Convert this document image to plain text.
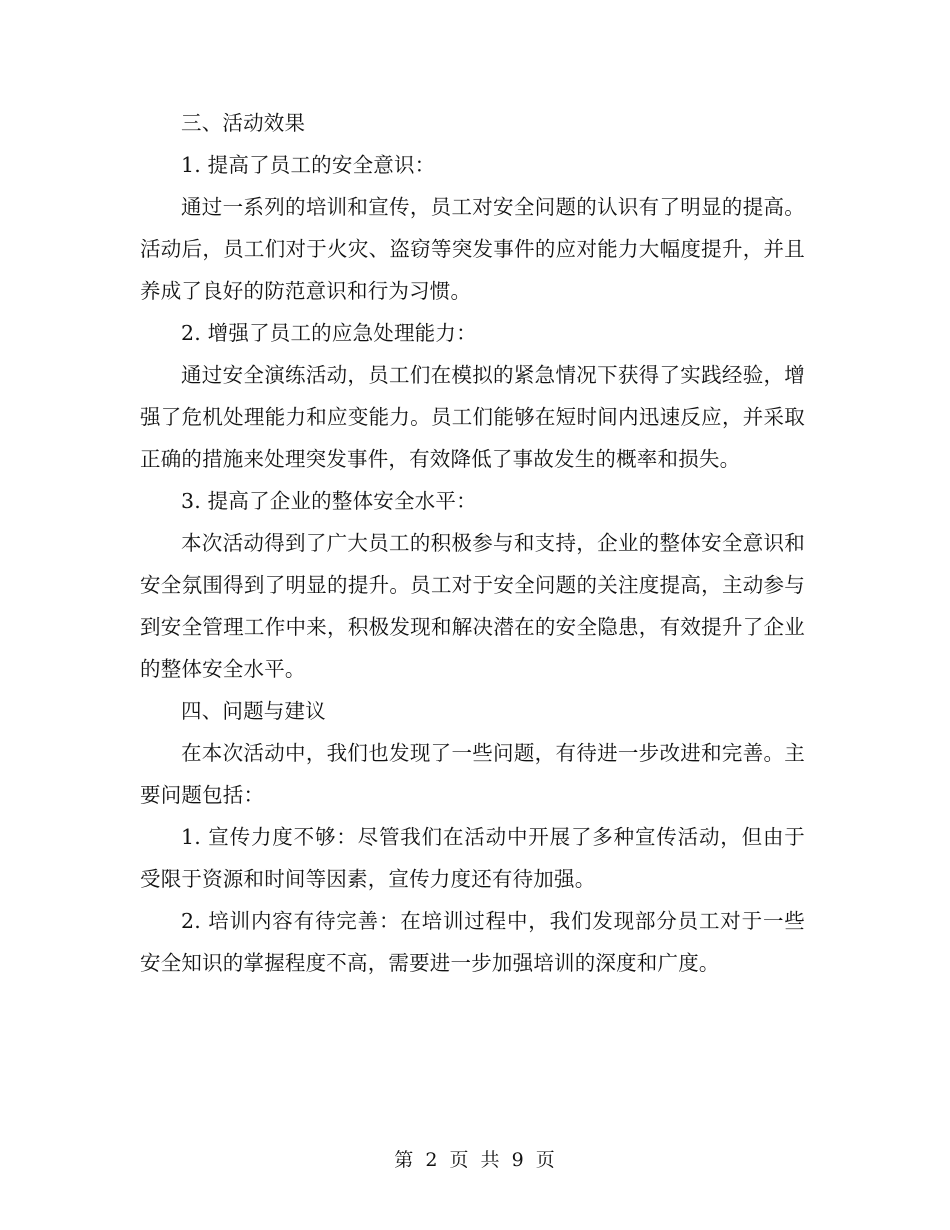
三、活动效果

1. 提高了员工的安全意识：

通过一系列的培训和宣传，员工对安全问题的认识有了明显的提高。活动后，员工们对于火灾、盗窃等突发事件的应对能力大幅度提升，并且养成了良好的防范意识和行为习惯。

2. 增强了员工的应急处理能力：

通过安全演练活动，员工们在模拟的紧急情况下获得了实践经验，增强了危机处理能力和应变能力。员工们能够在短时间内迅速反应，并采取正确的措施来处理突发事件，有效降低了事故发生的概率和损失。

3. 提高了企业的整体安全水平：

本次活动得到了广大员工的积极参与和支持，企业的整体安全意识和安全氛围得到了明显的提升。员工对于安全问题的关注度提高，主动参与到安全管理工作中来，积极发现和解决潜在的安全隐患，有效提升了企业的整体安全水平。

四、问题与建议

在本次活动中，我们也发现了一些问题，有待进一步改进和完善。主要问题包括：

1. 宣传力度不够：尽管我们在活动中开展了多种宣传活动，但由于受限于资源和时间等因素，宣传力度还有待加强。

2. 培训内容有待完善：在培训过程中，我们发现部分员工对于一些安全知识的掌握程度不高，需要进一步加强培训的深度和广度。

第 2 页 共 9 页
